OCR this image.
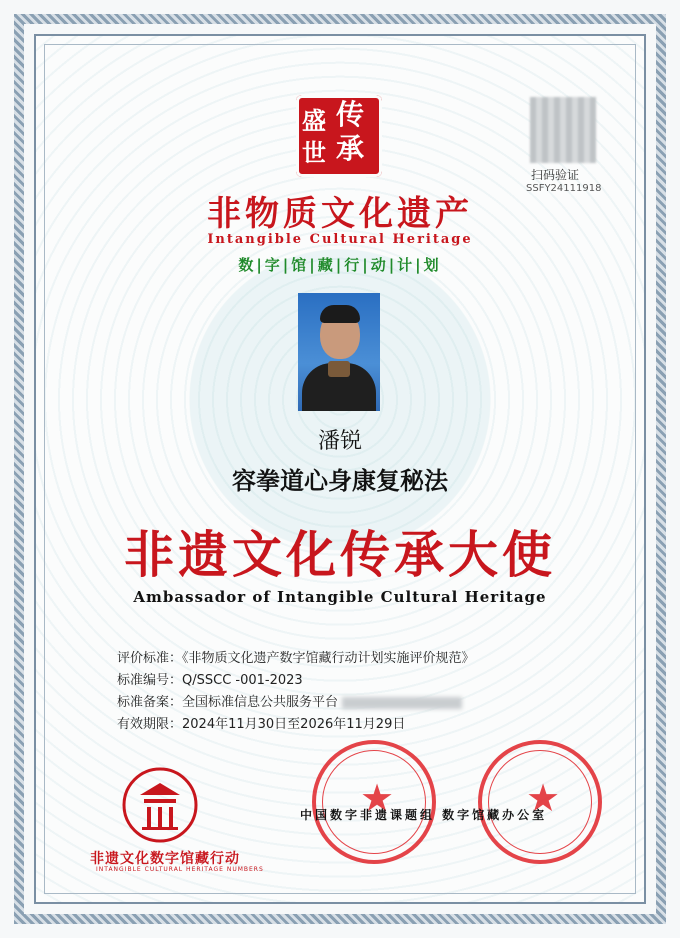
盛 传
世 承
扫码验证
SSFY24111918
非物质文化遗产
Intangible Cultural Heritage
数|字|馆|藏|行|动|计|划
潘锐
容拳道心身康复秘法
非遗文化传承大使
Ambassador of Intangible Cultural Heritage
评价标准：《非物质文化遗产数字馆藏行动计划实施评价规范》
标准编号：Q/SSCC -001-2023
标准备案：全国标准信息公共服务平台
有效期限：2024年11月30日至2026年11月29日
非遗文化数字馆藏行动
INTANGIBLE CULTURAL HERITAGE NUMBERS
★	★
中国数字非遗课题组 数字馆藏办公室
